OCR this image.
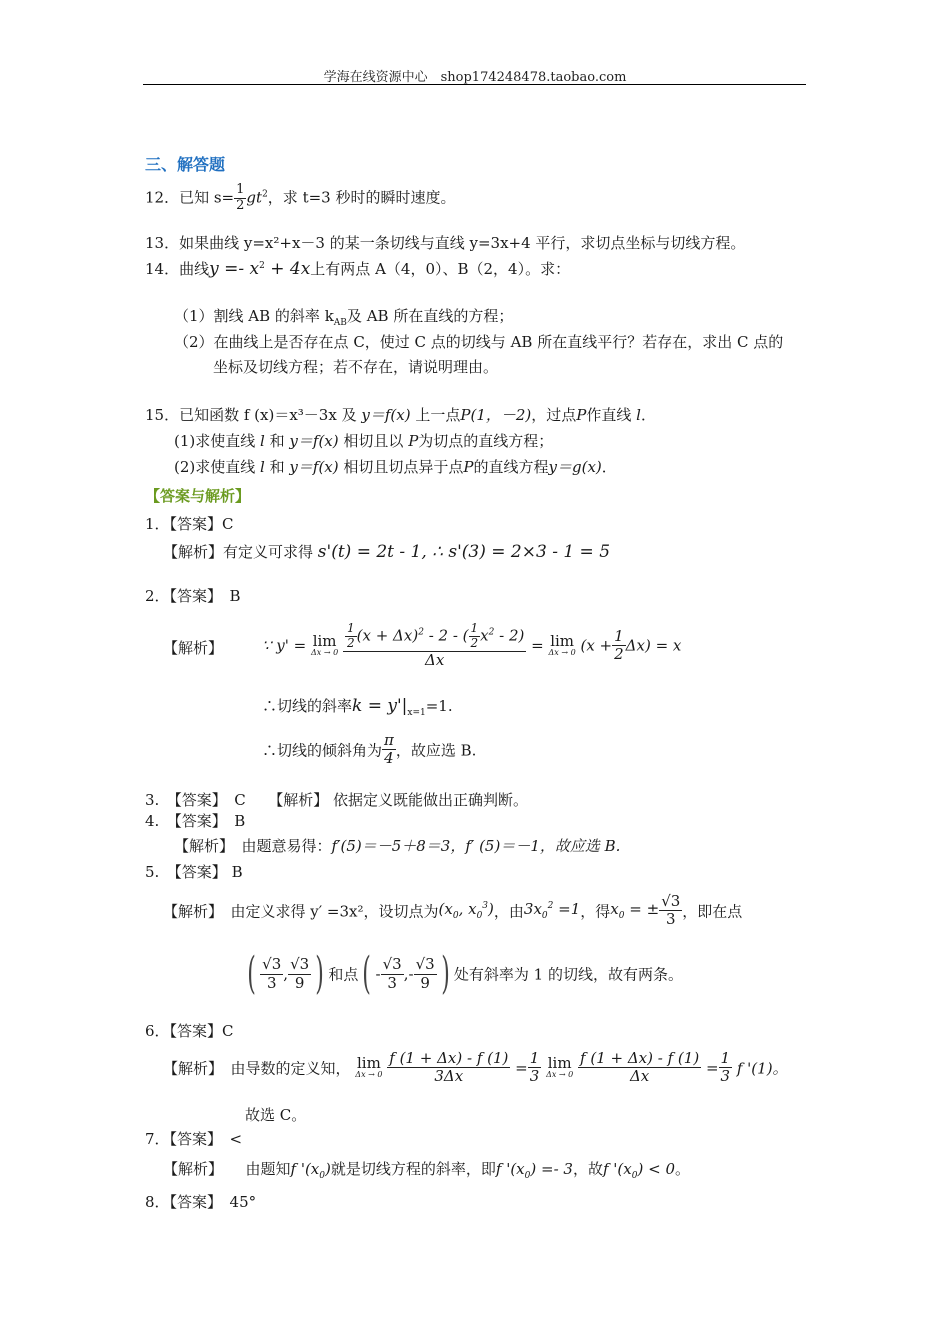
学海在线资源中心　 shop174248478.taobao.com
三、解答题
12．已知 $s= \frac{1}{2} gt^2$，求 t=3 秒时的瞬时速度。
13．如果曲线 y=x²+x－3 的某一条切线与直线 y=3x+4 平行，求切点坐标与切线方程。
14．曲线$y =- x^2 + 4x$上有两点 A（4，0）、B（2，4）。求：
（1）割线 AB 的斜率 $k_{AB}$及 AB 所在直线的方程；
（2）在曲线上是否存在点 C，使过 C 点的切线与 AB 所在直线平行？若存在，求出 C 点的
坐标及切线方程；若不存在，请说明理由。
15．已知函数 f (x)＝x³－3x 及 y＝f(x) 上一点P(1，－2)，过点P作直线 l．
(1)求使直线 l 和 y＝f(x) 相切且以 P为切点的直线方程；
(2)求使直线 l 和 y＝f(x) 相切且切点异于点P的直线方程y＝g(x)．
【答案与解析】
1．【答案】C
【解析】有定义可求得 s'(t) = 2t - 1, ∴ s'(3) = 2×3 - 1 = 5
2．【答案】　B
【解析】	∵ y' = lim
Δx → 0
$\frac{\frac{1}{2} (x + \Delta x)^2 - 2 - ( \frac{1}{2} x^2 - 2)}{\Delta x} = \lim$
Δx → 0 $(x + \frac{1}{2} \Delta x) = x$
∴切线的斜率$k = y'|_{x=1}=1$.
∴切线的倾斜角为 $\frac{\pi}{4}$ ，故应选 B.
3.　【答案】　C　　【解析】 依据定义既能做出正确判断。
4.　【答案】　B
【解析】　由题意易得：f′(5)＝－5＋8＝3，f′ (5)＝－1，故应选 B.
5.　【答案】 B
【解析】　由定义求得 y′ =3x²，设切点为($x_0$, $x_0^3$)，由$3x_0^2 =1$，得$x_0$ = ± $\frac{√3}{3}$ ，即在点
( $\frac{√3}{3}$ , $\frac{√3}{9}$ ) 和点( - $\frac{√3}{3}$ ,- $\frac{√3}{9}$ ) 处有斜率为 1 的切线，故有两条。
6．【答案】C
【解析】　由导数的定义知， lim
Δx → 0
$\frac{f (1 + \Delta x) - f (1)}{3\Delta x} = \frac{1}{3}$
lim
Δx → 0
$\frac{f (1 + \Delta x) - f (1)}{\Delta x} = \frac{1}{3}$ f '(1)。
故选 C。
7．【答案】　<
【解析】　　由题知f '$(x_0)$就是切线方程的斜率，即f '$(x_0) =- 3$，故f '$(x_0) < 0$。
8．【答案】　45°
